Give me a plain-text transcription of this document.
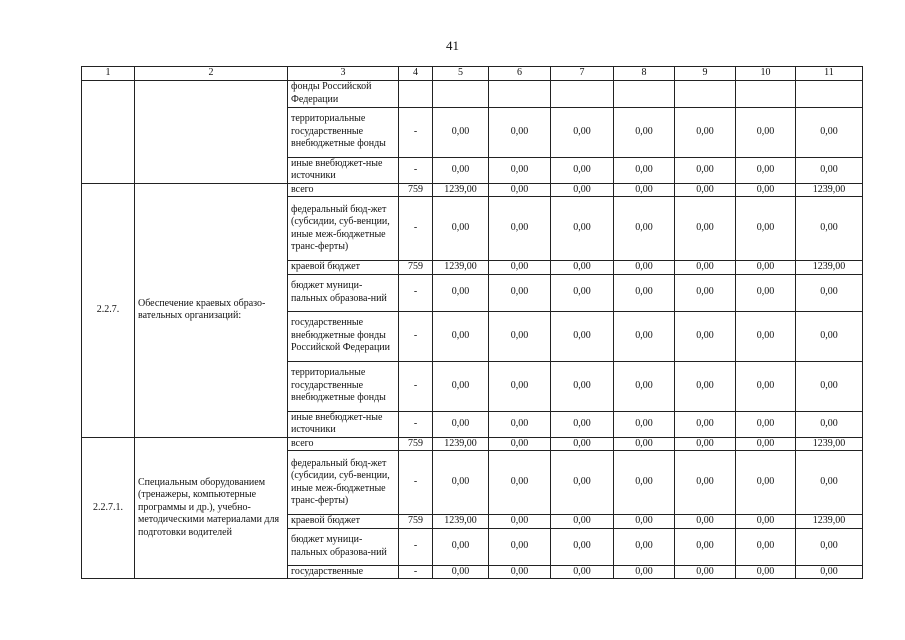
41
1	2	3	4	5	6	7	8	9	10	11
		фонды Российской Федерации								
		территориальные государственные внебюджетные фонды	-	0,00	0,00	0,00	0,00	0,00	0,00	0,00
		иные внебюджет-ные источники	-	0,00	0,00	0,00	0,00	0,00	0,00	0,00
2.2.7.	Обеспечение краевых образо-вательных организаций:	всего	759	1239,00	0,00	0,00	0,00	0,00	0,00	1239,00
		федеральный бюд-жет (субсидии, суб-венции, иные меж-бюджетные транс-ферты)	-	0,00	0,00	0,00	0,00	0,00	0,00	0,00
		краевой бюджет	759	1239,00	0,00	0,00	0,00	0,00	0,00	1239,00
		бюджет муници-пальных образова-ний	-	0,00	0,00	0,00	0,00	0,00	0,00	0,00
		государственные внебюджетные фонды Российской Федерации	-	0,00	0,00	0,00	0,00	0,00	0,00	0,00
		территориальные государственные внебюджетные фонды	-	0,00	0,00	0,00	0,00	0,00	0,00	0,00
		иные внебюджет-ные источники	-	0,00	0,00	0,00	0,00	0,00	0,00	0,00
2.2.7.1.	Специальным оборудованием (тренажеры, компьютерные программы и др.), учебно-методическими материалами для подготовки водителей	всего	759	1239,00	0,00	0,00	0,00	0,00	0,00	1239,00
		федеральный бюд-жет (субсидии, суб-венции, иные меж-бюджетные транс-ферты)	-	0,00	0,00	0,00	0,00	0,00	0,00	0,00
		краевой бюджет	759	1239,00	0,00	0,00	0,00	0,00	0,00	1239,00
		бюджет муници-пальных образова-ний	-	0,00	0,00	0,00	0,00	0,00	0,00	0,00
		государственные	-	0,00	0,00	0,00	0,00	0,00	0,00	0,00
